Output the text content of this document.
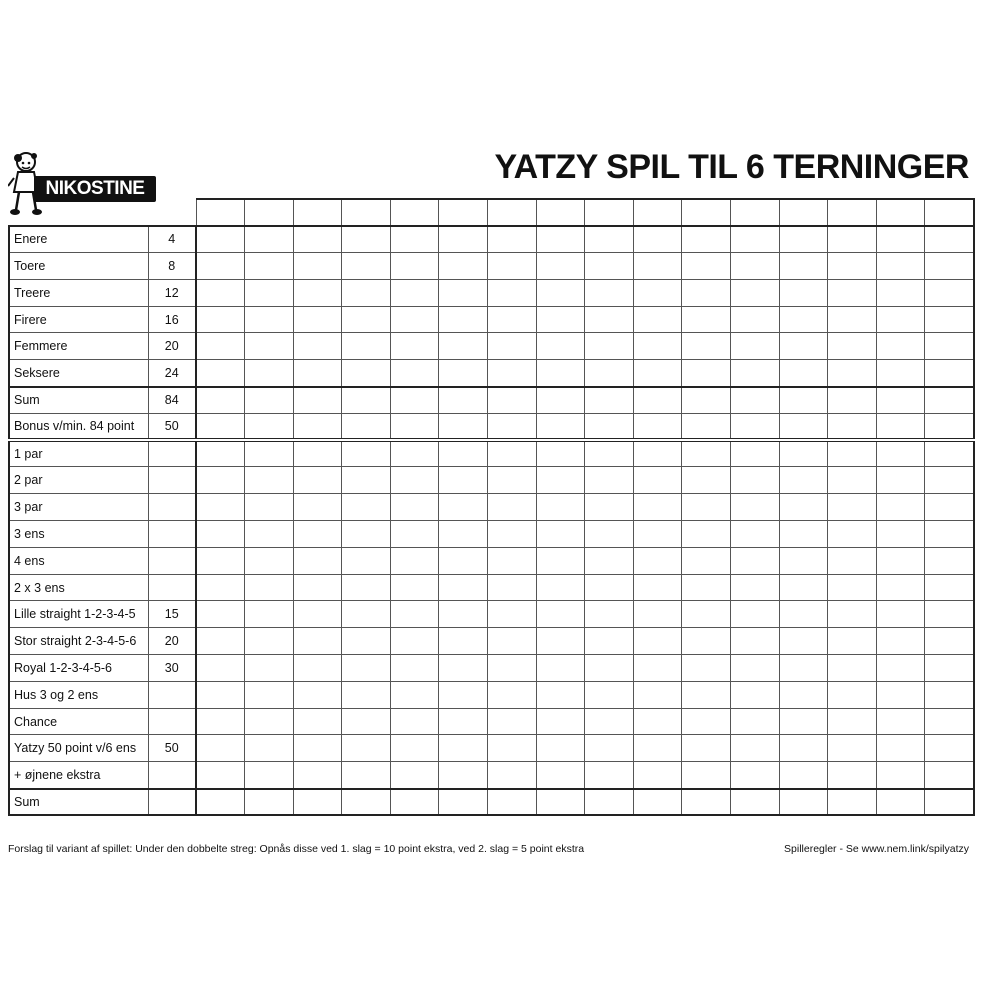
NIKOSTINE
YATZY SPIL TIL 6 TERNINGER

Enere	4																
Toere	8																
Treere	12																
Firere	16																
Femmere	20																
Seksere	24																
Sum	84																
Bonus v/min. 84 point	50																
1 par																	
2 par																	
3 par																	
3 ens																	
4 ens																	
2 x 3 ens																	
Lille straight 1-2-3-4-5	15																
Stor straight 2-3-4-5-6	20																
Royal 1-2-3-4-5-6	30																
Hus 3 og 2 ens																	
Chance																	
Yatzy 50 point v/6 ens	50																
+ øjnene ekstra																	
Sum																	
Forslag til variant af spillet: Under den dobbelte streg: Opnås disse ved 1. slag = 10 point ekstra, ved 2. slag = 5 point ekstra	Spilleregler - Se www.nem.link/spilyatzy
